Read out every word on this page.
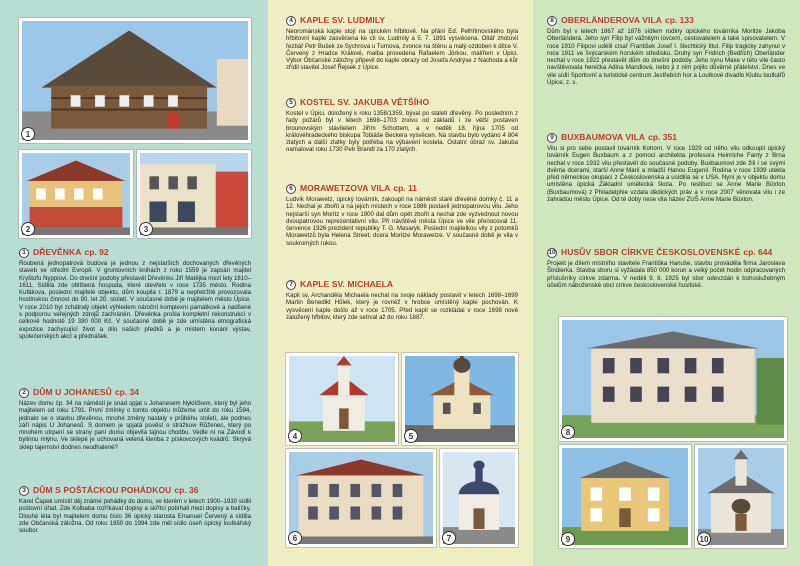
1
2	3
1 DŘEVĚNKA cp. 92
Roubená jednopatrová budova je jednou z nejstarších dochovaných dřevěných staveb ve střední Evropě. V gruntovních knihách z roku 1559 je zapsán majitel Kryštofu Nyppiovi. Do dnešní podoby přestavěl Dřevěnku Jiří Matějka mezi lety 1610–1611. Sídlila zde oblíbená hospoda, které otevřelo v roce 1735 město. Rodina Kufákova, poslední majitelé objektu, dům koupila r. 1879 a nepřetržitě provozovala hostinskou činnost do 90. let 20. století. V současné době je majitelem město Úpice. V roce 2010 byl zchátralý objekt výhledem nároční komplexní památkově a nadšené s podporou veřejných zdrojů zachráněn. Dřevěnka prošla kompletní rekonstrukcí v celkové hodnotě 19 380 000 Kč. V současné době je zde umístěna etnografická expozice zachycující život a dílo našich předků a je místem konání výstav, společenských akcí a přednášek.
2 DŮM U JOHANESŮ cp. 34
Název domu čp. 34 na náměstí je snad spjat s Johanesem Nyklíčkem, který byl jeho majitelem od roku 1791. První zmínky o tomto objektu můžeme určit do roku 1594, jednalo se o stavbu dřevěnou, mnohé změny nastaly v průběhu století, ale podnes září nápis U Johanesů. S domem je spjatá pověst o strážkovi Růženec, který po mnohém utrpení se strany paní domu objevila tajnou chodbu. Vedle ní na Závodí k bylinnu mlýnu. Ve sklepě je uchovaná velená klenba z pískovcových kvádrů. Skrývá sklep tajemství dodnes neodhalené?
3 DŮM S POŠTÁCKOU POHÁDKOU cp. 36
Karel Čapek umístil děj známé pohádky do domu, ve kterém v letech 1900–1930 sídlil poštovní úřad. Zde Kolbaba rozříkával dopisy a skřítci pobíhali mezi dopisy a balíčky. Dlouhé léta byl majitelem domu čislo 36 úpický starosta Emanuel Červený a sídlila zde Občanská záložna. Od roku 1950 do 1994 zde měl sídlo úseň úpický loutkářský soubor.
4 KAPLE SV. LUDMILY
Neorománská kaple stojí na úpickém hřbitově. Na přání Ed. Pelhřimovského byla hřbitovní kaple zasvěcena ke cti sv. Ludmily a 5. 7. 1891 vysvěcena. Oltář zhotovil řezbář Petr Bušek ze Sychrova u Turnova, zvonce na štěnu a malý ozdoben k dílce V. Červený z Hradce Králové, malba provedena Rafaelem Jörkou, malířem v Úpici. Výbor Občanské záložny připevil do kaple obrazy od Josefa Andrýse z Náchoda a kůr zřídil stavitel Josef Řejsek z Úpice.
5 KOSTEL SV. JAKUBA VĚTŠÍHO
Kostel v Úpici, doložený k roku 1358/1359, býval po staletí dřevěný. Po posledním z řady požárů byl v letech 1698–1703 znovu od základů i ze větší postaven brounovským stavitelem Jiřím Schottem, a v neděli 18. října 1705 od královéhradeckého biskupa Tobiáše Beckera vysvěcen. Na stavbu bylo vydáno 4 804 zlatých a další zlatky byly potřeba na výbavení kostela. Ostatní obraz sv. Jakuba namaloval roku 1730 Petr Brandl za 170 zlatých.
6 MORAWETZOVA VILA cp. 11
Ludvík Morawetz, úpický továrník, zakoupil na náměstí staré dřevěné domky č. 11 a 12. Nechal je zbořit a na jejich místech v roce 1886 postavil jednopatrovou vilu. Jeho nejstarší syn Moritz v roce 1900 dal dům opět zbořit a nechal zde vyzvednout novou dvoupatrovou reprezentativní vilu. Při návštěvě města Úpice ve vile přenocoval 11. července 1926 prezident republiky T. G. Masaryk. Poslední majitelkou vily z potomků Morawetzů byla Helena Street, dcera Moritze Morawetze. V současné době je vila v soukromých rukou.
7 KAPLE SV. MICHAELA
Kapli sv. Archanděla Michaela nechal na svoje náklady postavit v letech 1698–1699 Martin Benedikt Hůlek, který je rovněž v hrobce umístěný kaple pochován. K vysvěcení kaple došlo až v roce 1705. Před kaplí se rozkládal v roce 1698 nově založený hřbitov, který zde setrval až do roku 1887.
4	5
6	7
8 OBERLÄNDEROVA VILA cp. 133
Dům byl v letech 1867 až 1876 sídlem rodiny úpického továrníka Moritze Jakoba Oberländera. Jeho syn Filip byl vážnitým lovcem, cestovatelem a také spisovatelem. V roce 1910 Filipovi udělil císař František Josef I. šlechtický titul. Filip tragicky zahynul v roce 1911 ve švýcarském horském středisku. Druhý syn Fridrich (Bedřich) Oberländer nechal v roce 1922 přestavět dům do dnešní podoby. Jeho synu Maxe v této vile často navštěvovala herečka Adina Mandlová, nebo ji z nim pojilo důvěrné přátelství. Dnes ve vile sídlí Sportovní a turistické centrum Jestřebích hor a Loutkové divadlo Klubu loutkářů Úpice, z. s.
9 BUXBAUMOVA VILA cp. 351
Vilu si pro sebe postavil továrník Kohorn. V roce 1929 od něho vilu odkoupil úpický továrník Eugen Buxbaum a z pomocí architekta profesora Heinriche Fanty z Brna nechal v roce 1932 vilu přestavět do současné podoby. Buxbaumovi zde žili i se svými dvěma dcerami, starší Anne Marií a mladší Hanou Eugenií. Rodina v roce 1939 utekla před německou okupací z Československa a usídlila se v USA. Nyní je v objektu domu umístěna úpická Základní umělecká škola. Po restituci se Anne Marie Büxton (Buxbaumová) z Philadelphie vzdala dědických práv a v roce 2007 věnovala vilu i ze zahradou městu Úpice. Od té doby nese vila název ZUŠ Anne Marie Büxton.
10 HUSŮV SBOR CÍRKVE ČESKOSLOVENSKÉ cp. 644
Projekt je dílem místního stavitele Františka Hanuše, stavbu prováděla firma Jaroslava Šindlerka. Stavba sboru si vyžádala 850 000 korun a velký počet hodin odpracovaných příslušníky církve zdarma. V neděli 9. 8. 1925 byl sbor odevzdán k bohoslužebným účelům náboženské obci církve československé husitské.
8
9	10
